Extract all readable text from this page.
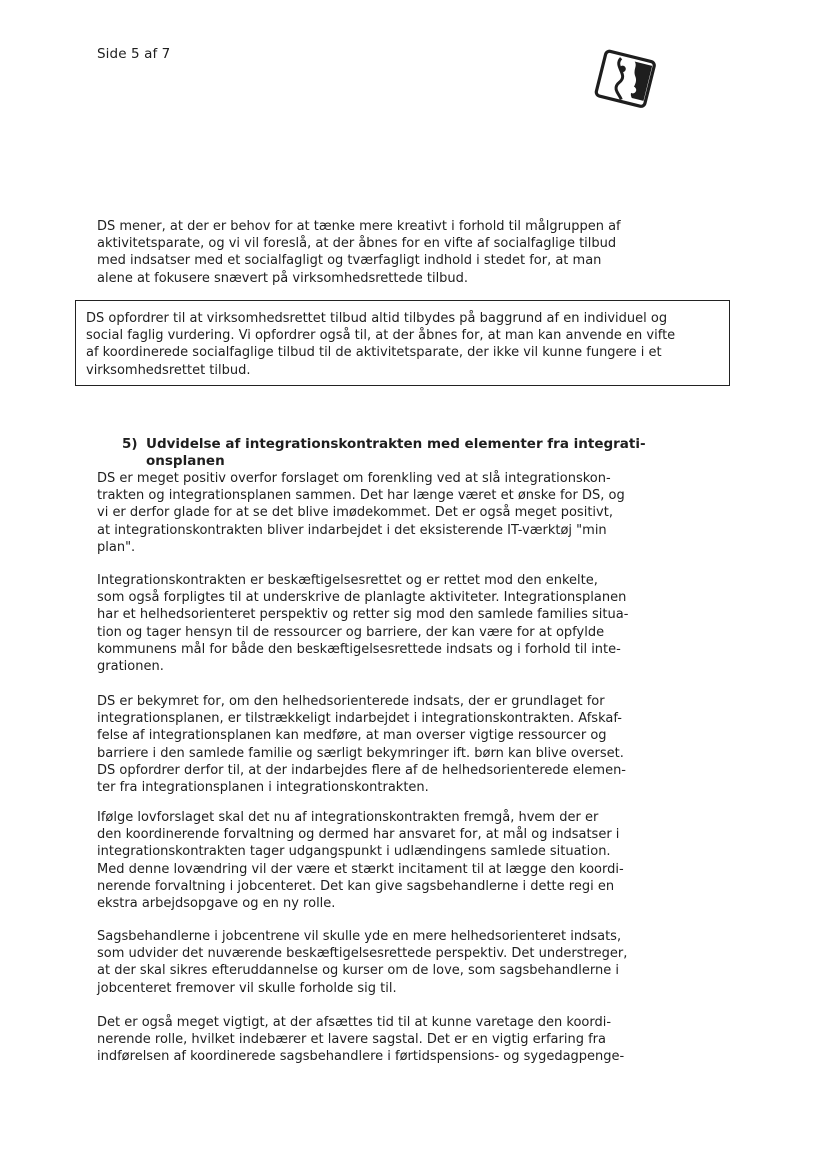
Side 5 af 7

DS mener, at der er behov for at tænke mere kreativt i forhold til målgruppen af
aktivitetsparate, og vi vil foreslå, at der åbnes for en vifte af socialfaglige tilbud
med indsatser med et socialfagligt og tværfagligt indhold i stedet for, at man
alene at fokusere snævert på virksomhedsrettede tilbud.

DS opfordrer til at virksomhedsrettet tilbud altid tilbydes på baggrund af en individuel og
social faglig vurdering. Vi opfordrer også til, at der åbnes for, at man kan anvende en vifte
af koordinerede socialfaglige tilbud til de aktivitetsparate, der ikke vil kunne fungere i et
virksomhedsrettet tilbud.

5) Udvidelse af integrationskontrakten med elementer fra integrati-
onsplanen

DS er meget positiv overfor forslaget om forenkling ved at slå integrationskon-
trakten og integrationsplanen sammen. Det har længe været et ønske for DS, og
vi er derfor glade for at se det blive imødekommet. Det er også meget positivt,
at integrationskontrakten bliver indarbejdet i det eksisterende IT-værktøj "min
plan".

Integrationskontrakten er beskæftigelsesrettet og er rettet mod den enkelte,
som også forpligtes til at underskrive de planlagte aktiviteter. Integrationsplanen
har et helhedsorienteret perspektiv og retter sig mod den samlede families situa-
tion og tager hensyn til de ressourcer og barriere, der kan være for at opfylde
kommunens mål for både den beskæftigelsesrettede indsats og i forhold til inte-
grationen.

DS er bekymret for, om den helhedsorienterede indsats, der er grundlaget for
integrationsplanen, er tilstrækkeligt indarbejdet i integrationskontrakten. Afskaf-
felse af integrationsplanen kan medføre, at man overser vigtige ressourcer og
barriere i den samlede familie og særligt bekymringer ift. børn kan blive overset.
DS opfordrer derfor til, at der indarbejdes flere af de helhedsorienterede elemen-
ter fra integrationsplanen i integrationskontrakten.

Ifølge lovforslaget skal det nu af integrationskontrakten fremgå, hvem der er
den koordinerende forvaltning og dermed har ansvaret for, at mål og indsatser i
integrationskontrakten tager udgangspunkt i udlændingens samlede situation.
Med denne lovændring vil der være et stærkt incitament til at lægge den koordi-
nerende forvaltning i jobcenteret. Det kan give sagsbehandlerne i dette regi en
ekstra arbejdsopgave og en ny rolle.

Sagsbehandlerne i jobcentrene vil skulle yde en mere helhedsorienteret indsats,
som udvider det nuværende beskæftigelsesrettede perspektiv. Det understreger,
at der skal sikres efteruddannelse og kurser om de love, som sagsbehandlerne i
jobcenteret fremover vil skulle forholde sig til.

Det er også meget vigtigt, at der afsættes tid til at kunne varetage den koordi-
nerende rolle, hvilket indebærer et lavere sagstal. Det er en vigtig erfaring fra
indførelsen af koordinerede sagsbehandlere i førtidspensions- og sygedagpenge-
